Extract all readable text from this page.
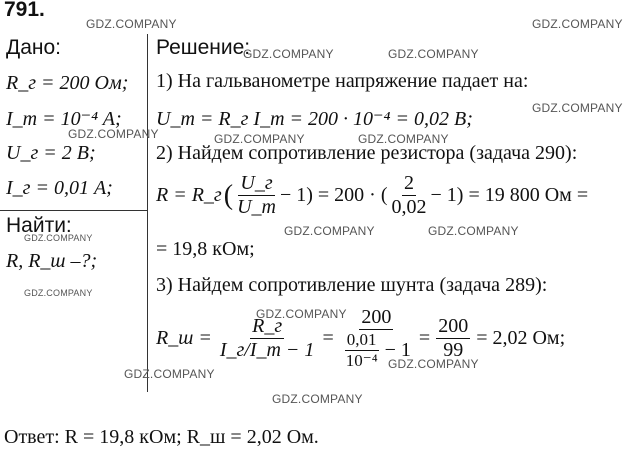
791.
Дано:
R_г = 200 Ом;
I_m = 10⁻⁴ A;
U_г = 2 В;
I_г = 0,01 A;
Найти:
R, R_ш –?;
Решение:
1) На гальванометре напряжение падает на:
U_m = R_г I_m = 200 · 10⁻⁴ = 0,02 В;
2) Найдем сопротивление резистора (задача 290):
R = R_г ( $\frac{U\_г}{U\_m} - 1) = 200$ · ( $\frac{2}{0,02} - 1) = 19$ 800 Ом =
= 19,8 кОм;
3) Найдем сопротивление шунта (задача 289):
R_ш = $\frac{R\_г}{I\_г/I\_m - 1} = \frac{200}{\frac{0,01}{\text{10⁻⁴}} - 1} = \frac{200}{99} = 2,02$ Ом;
Ответ: R = 19,8 кОм; R_ш = 2,02 Ом.
GDZ.COMPANY	GDZ.COMPANY
GDZ.COMPANY	GDZ.COMPANY
GDZ.COMPANY
GDZ.COMPANY	GDZ.COMPANY	GDZ.COMPANY
GDZ.COMPANY	GDZ.COMPANY	GDZ.COMPANY
GDZ.COMPANY
GDZ.COMPANY
GDZ.COMPANY
GDZ.COMPANY
GDZ.COMPANY
